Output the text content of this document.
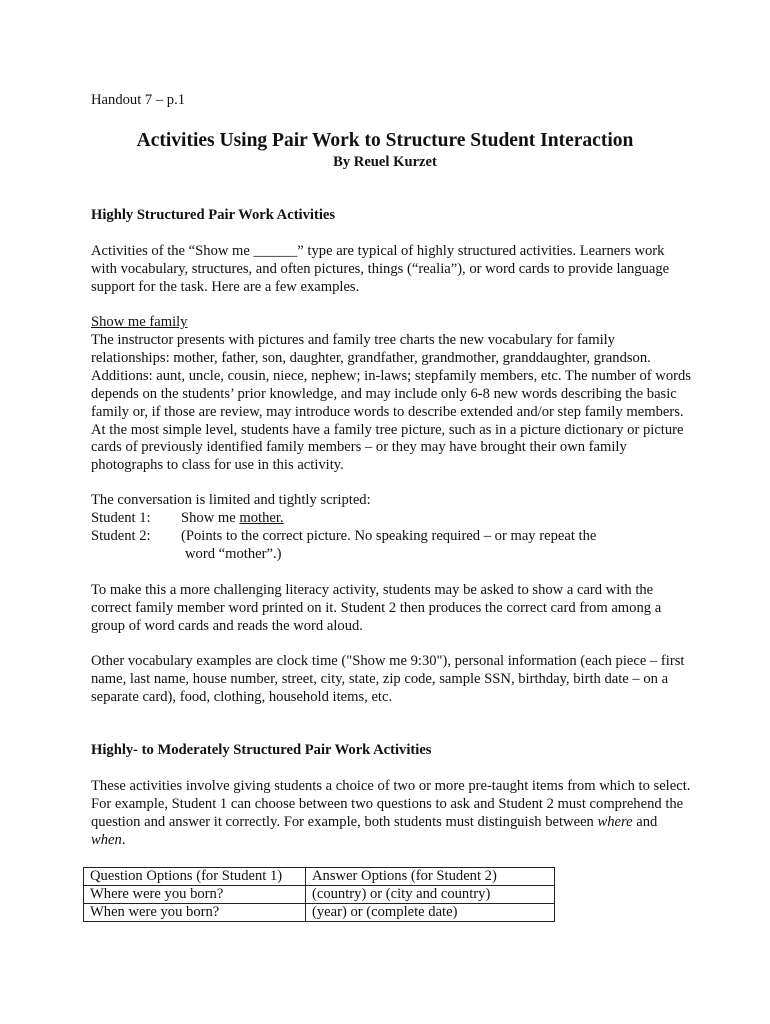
Handout 7 – p.1

Activities Using Pair Work to Structure Student Interaction

By Reuel Kurzet

Highly Structured Pair Work Activities

Activities of the “Show me ______” type are typical of highly structured activities. Learners work with vocabulary, structures, and often pictures, things (“realia”), or word cards to provide language support for the task. Here are a few examples.

Show me family

The instructor presents with pictures and family tree charts the new vocabulary for family relationships: mother, father, son, daughter, grandfather, grandmother, granddaughter, grandson. Additions: aunt, uncle, cousin, niece, nephew; in-laws; stepfamily members, etc. The number of words depends on the students’ prior knowledge, and may include only 6-8 new words describing the basic family or, if those are review, may introduce words to describe extended and/or step family members. At the most simple level, students have a family tree picture, such as in a picture dictionary or picture cards of previously identified family members – or they may have brought their own family photographs to class for use in this activity.

The conversation is limited and tightly scripted:

Student 1:	Show me mother.
Student 2:	(Points to the correct picture. No speaking required – or may repeat the
word “mother”.)

To make this a more challenging literacy activity, students may be asked to show a card with the correct family member word printed on it. Student 2 then produces the correct card from among a group of word cards and reads the word aloud.

Other vocabulary examples are clock time ("Show me 9:30"), personal information (each piece – first name, last name, house number, street, city, state, zip code, sample SSN, birthday, birth date – on a separate card), food, clothing, household items, etc.

Highly- to Moderately Structured Pair Work Activities

These activities involve giving students a choice of two or more pre-taught items from which to select. For example, Student 1 can choose between two questions to ask and Student 2 must comprehend the question and answer it correctly. For example, both students must distinguish between where and when.

Question Options (for Student 1)	Answer Options (for Student 2)
Where were you born?	(country) or (city and country)
When were you born?	(year) or (complete date)
